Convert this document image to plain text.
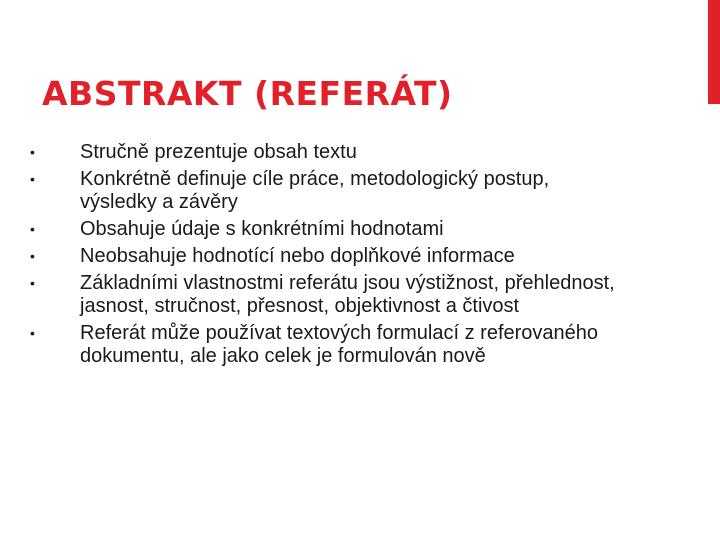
ABSTRAKT (REFERÁT)
•	Stručně prezentuje obsah textu
•	Konkrétně definuje cíle práce, metodologický postup, výsledky a závěry
•	Obsahuje údaje s konkrétními hodnotami
•	Neobsahuje hodnotící nebo doplňkové informace
•	Základními vlastnostmi referátu jsou výstižnost, přehlednost, jasnost, stručnost, přesnost, objektivnost a čtivost
•	Referát může používat textových formulací z referovaného dokumentu, ale jako celek je formulován nově
